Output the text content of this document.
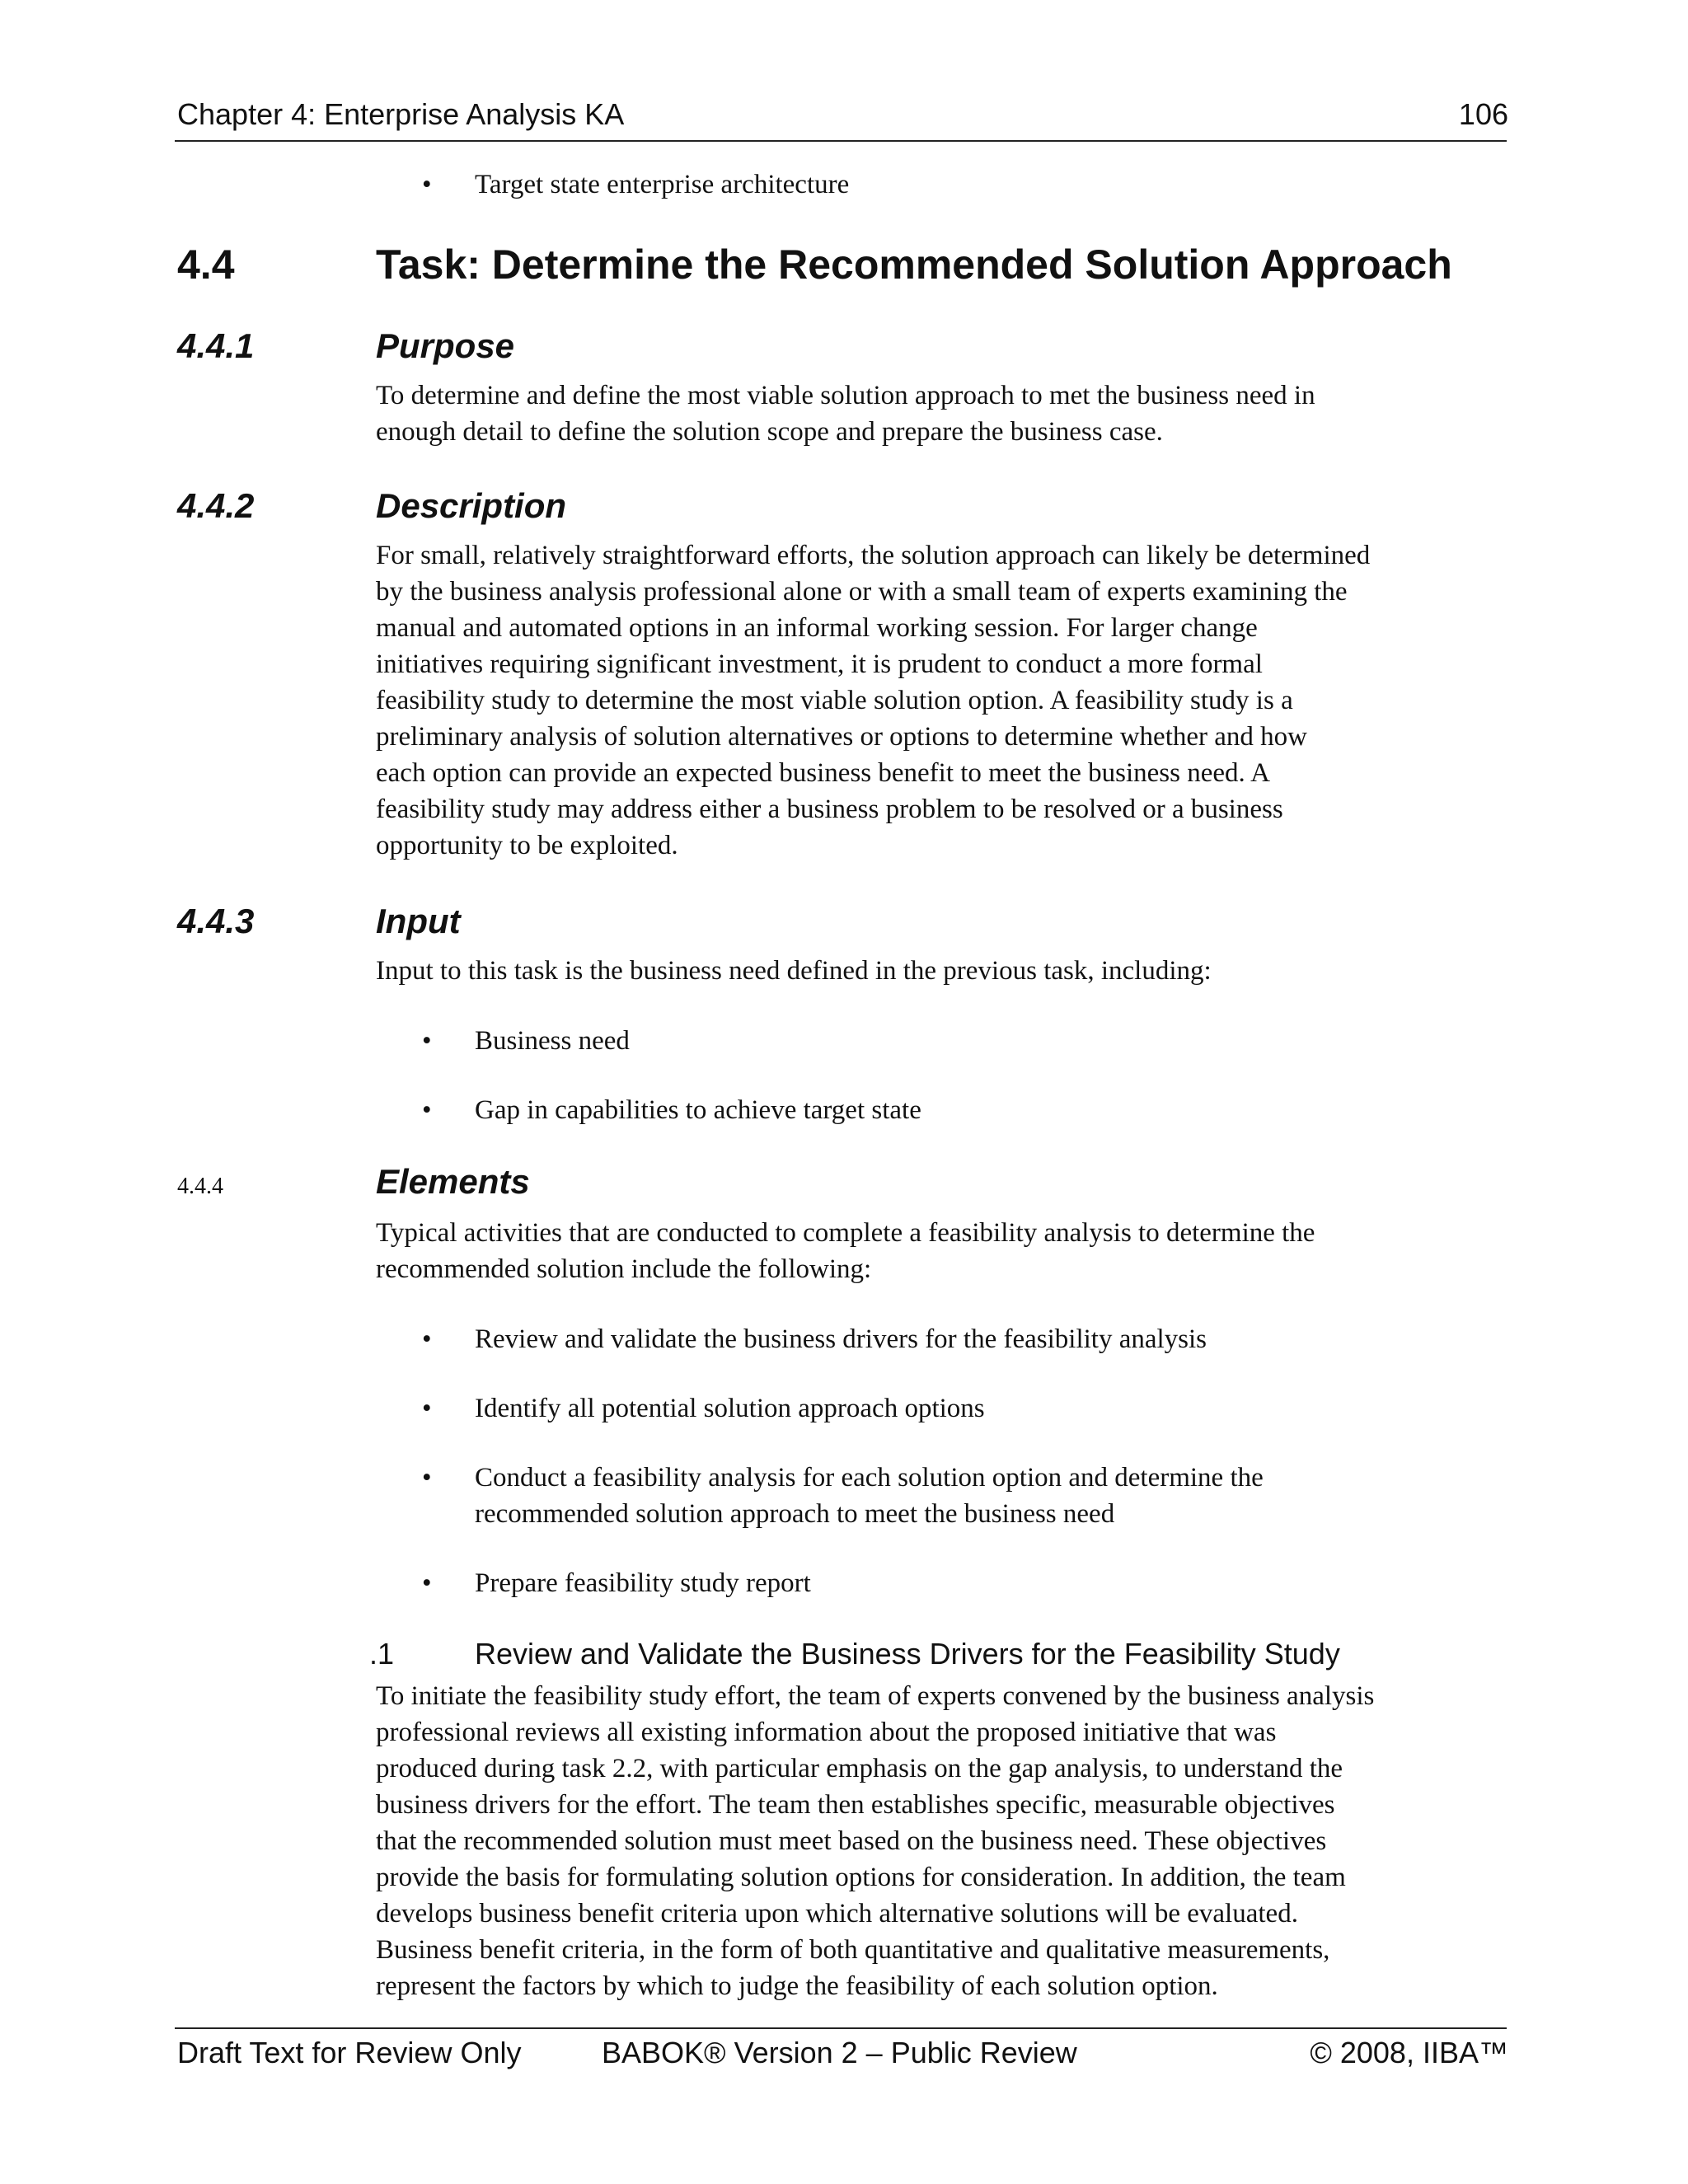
Chapter 4: Enterprise Analysis KA	106
• Target state enterprise architecture
4.4	Task: Determine the Recommended Solution Approach
4.4.1	Purpose
To determine and define the most viable solution approach to met the business need in
enough detail to define the solution scope and prepare the business case.
4.4.2	Description
For small, relatively straightforward efforts, the solution approach can likely be determined
by the business analysis professional alone or with a small team of experts examining the
manual and automated options in an informal working session. For larger change
initiatives requiring significant investment, it is prudent to conduct a more formal
feasibility study to determine the most viable solution option. A feasibility study is a
preliminary analysis of solution alternatives or options to determine whether and how
each option can provide an expected business benefit to meet the business need. A
feasibility study may address either a business problem to be resolved or a business
opportunity to be exploited.
4.4.3	Input
Input to this task is the business need defined in the previous task, including:
• Business need
• Gap in capabilities to achieve target state
4.4.4	Elements
Typical activities that are conducted to complete a feasibility analysis to determine the
recommended solution include the following:
• Review and validate the business drivers for the feasibility analysis
• Identify all potential solution approach options
• Conduct a feasibility analysis for each solution option and determine the
recommended solution approach to meet the business need
• Prepare feasibility study report
.1	Review and Validate the Business Drivers for the Feasibility Study
To initiate the feasibility study effort, the team of experts convened by the business analysis
professional reviews all existing information about the proposed initiative that was
produced during task 2.2, with particular emphasis on the gap analysis, to understand the
business drivers for the effort. The team then establishes specific, measurable objectives
that the recommended solution must meet based on the business need. These objectives
provide the basis for formulating solution options for consideration. In addition, the team
develops business benefit criteria upon which alternative solutions will be evaluated.
Business benefit criteria, in the form of both quantitative and qualitative measurements,
represent the factors by which to judge the feasibility of each solution option.
Draft Text for Review Only	BABOK® Version 2 – Public Review	© 2008, IIBA™
